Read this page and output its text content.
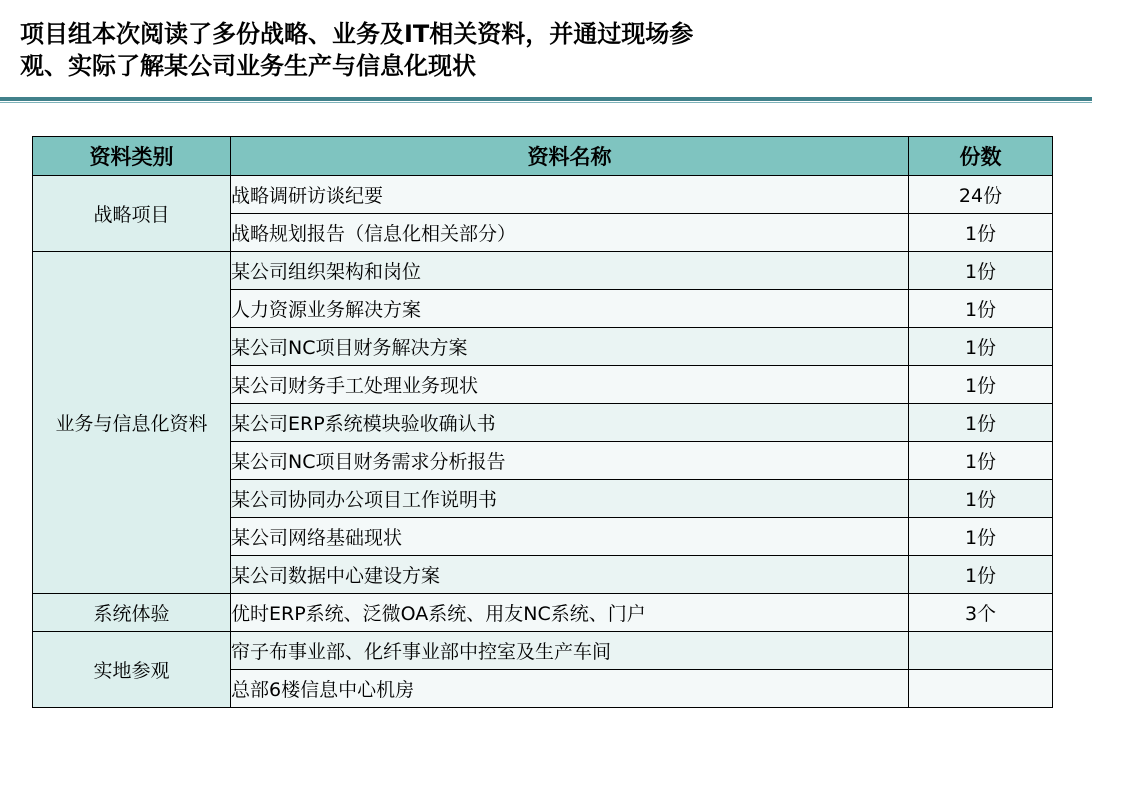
项目组本次阅读了多份战略、业务及IT相关资料，并通过现场参
观、实际了解某公司业务生产与信息化现状
资料类别	资料名称	份数
战略项目	战略调研访谈纪要	24份
	战略规划报告（信息化相关部分）	1份
业务与信息化资料	某公司组织架构和岗位	1份
	人力资源业务解决方案	1份
	某公司NC项目财务解决方案	1份
	某公司财务手工处理业务现状	1份
	某公司ERP系统模块验收确认书	1份
	某公司NC项目财务需求分析报告	1份
	某公司协同办公项目工作说明书	1份
	某公司网络基础现状	1份
	某公司数据中心建设方案	1份
系统体验	优时ERP系统、泛微OA系统、用友NC系统、门户	3个
实地参观	帘子布事业部、化纤事业部中控室及生产车间	
	总部6楼信息中心机房	
